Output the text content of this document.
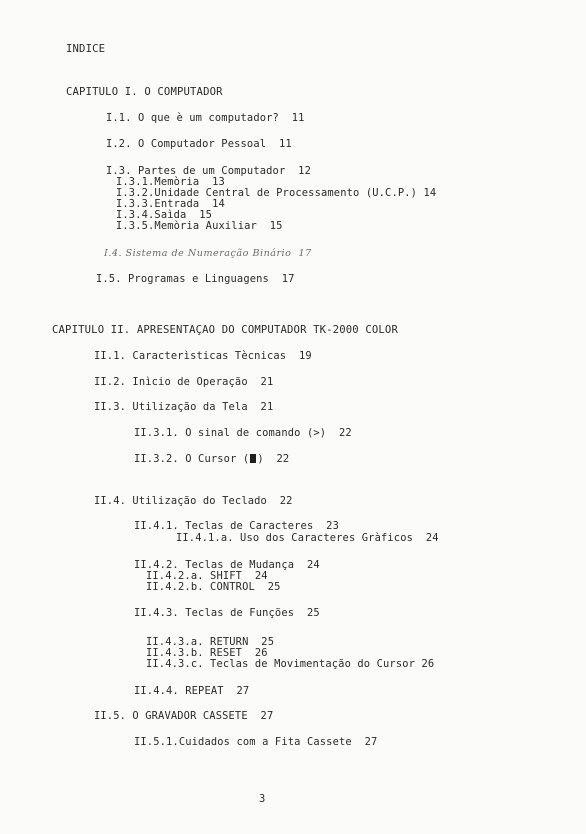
INDICE
CAPITULO I. O COMPUTADOR
I.1. O que è um computador?  11
I.2. O Computador Pessoal  11
I.3. Partes de um Computador  12
I.3.1.Memòria  13
I.3.2.Unidade Central de Processamento (U.C.P.) 14
I.3.3.Entrada  14
I.3.4.Saìda  15
I.3.5.Memòria Auxiliar  15
I.4. Sistema de Numeração Binário  17
I.5. Programas e Linguagens  17
CAPITULO II. APRESENTAÇAO DO COMPUTADOR TK-2000 COLOR
II.1. Caracterìsticas Tècnicas  19
II.2. Inìcio de Operação  21
II.3. Utilização da Tela  21
II.3.1. O sinal de comando (>)  22
II.3.2. O Cursor ( )  22
II.4. Utilização do Teclado  22
II.4.1. Teclas de Caracteres  23
II.4.1.a. Uso dos Caracteres Gràficos  24
II.4.2. Teclas de Mudança  24
II.4.2.a. SHIFT  24
II.4.2.b. CONTROL  25
II.4.3. Teclas de Funções  25
II.4.3.a. RETURN  25
II.4.3.b. RESET  26
II.4.3.c. Teclas de Movimentação do Cursor 26
II.4.4. REPEAT  27
II.5. O GRAVADOR CASSETE  27
II.5.1.Cuidados com a Fita Cassete  27
3
